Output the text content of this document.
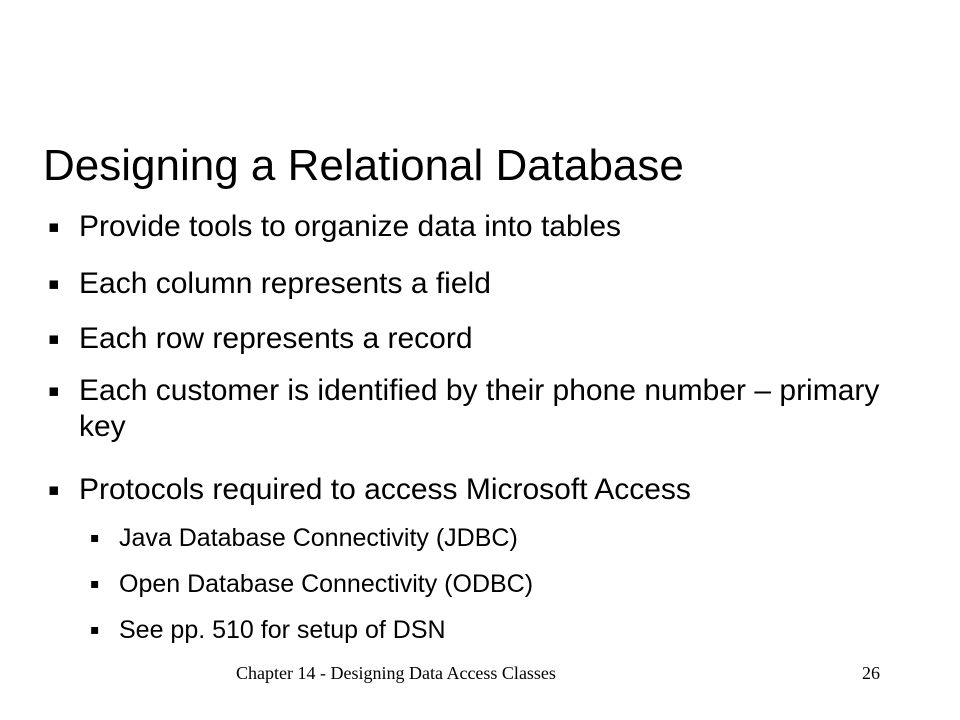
Designing a Relational Database
▪ Provide tools to organize data into tables
▪ Each column represents a field
▪ Each row represents a record
▪ Each customer is identified by their phone number – primary key
▪ Protocols required to access Microsoft Access
▪ Java Database Connectivity (JDBC)
▪ Open Database Connectivity (ODBC)
▪ See pp. 510 for setup of DSN
Chapter 14 - Designing Data Access Classes	26
